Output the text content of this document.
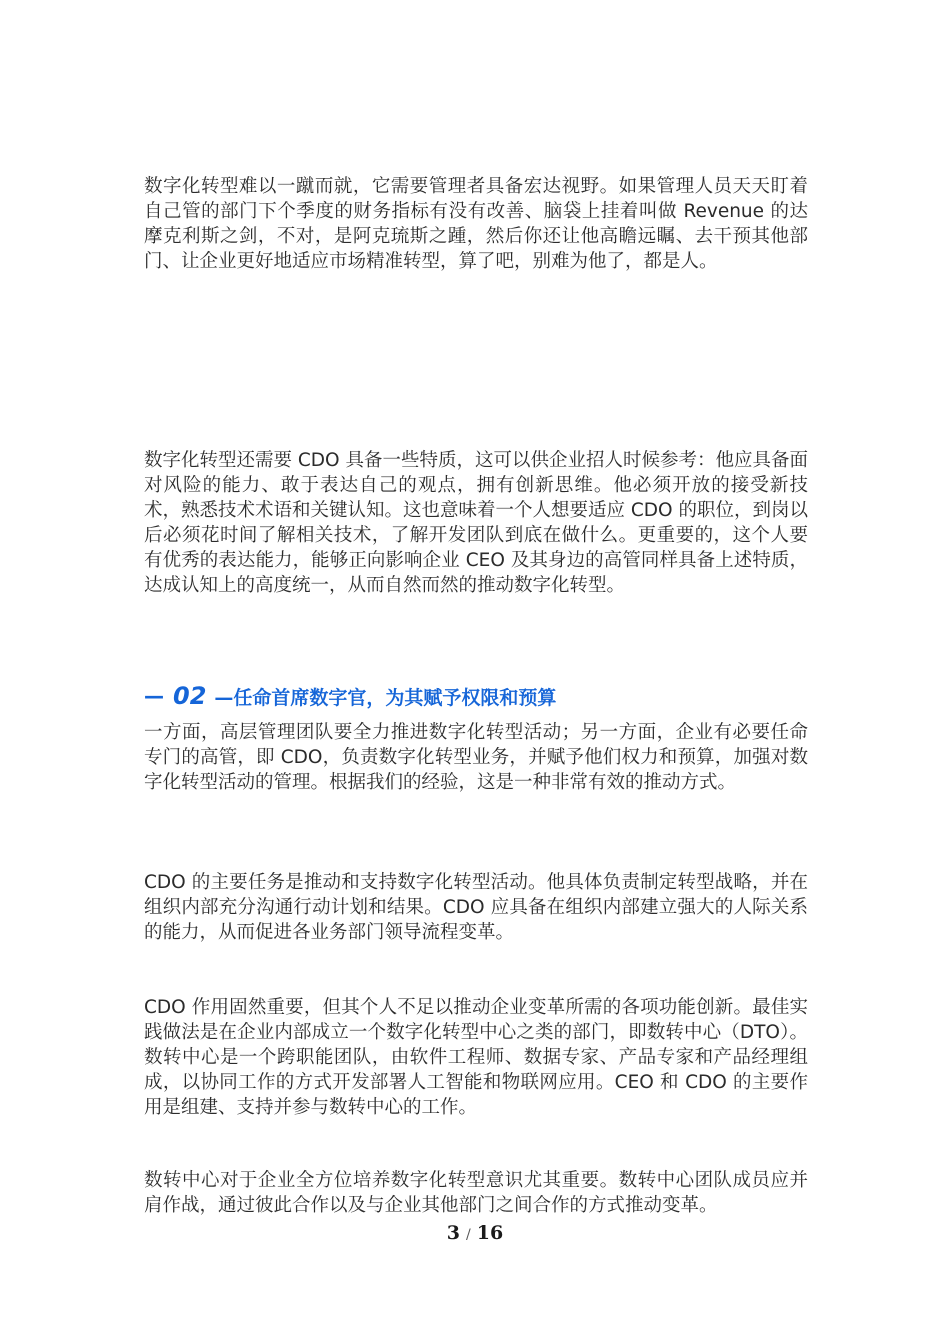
数字化转型难以一蹴而就，它需要管理者具备宏达视野。如果管理人员天天盯着自己管的部门下个季度的财务指标有没有改善、脑袋上挂着叫做 Revenue 的达摩克利斯之剑，不对，是阿克琉斯之踵，然后你还让他高瞻远瞩、去干预其他部门、让企业更好地适应市场精准转型，算了吧，别难为他了，都是人。

数字化转型还需要 CDO 具备一些特质，这可以供企业招人时候参考：他应具备面对风险的能力、敢于表达自己的观点，拥有创新思维。他必须开放的接受新技术，熟悉技术术语和关键认知。这也意味着一个人想要适应 CDO 的职位，到岗以后必须花时间了解相关技术，了解开发团队到底在做什么。更重要的，这个人要有优秀的表达能力，能够正向影响企业 CEO 及其身边的高管同样具备上述特质，达成认知上的高度统一，从而自然而然的推动数字化转型。

— 02 —任命首席数字官，为其赋予权限和预算

一方面，高层管理团队要全力推进数字化转型活动；另一方面，企业有必要任命专门的高管，即 CDO，负责数字化转型业务，并赋予他们权力和预算，加强对数字化转型活动的管理。根据我们的经验，这是一种非常有效的推动方式。

CDO 的主要任务是推动和支持数字化转型活动。他具体负责制定转型战略，并在组织内部充分沟通行动计划和结果。CDO 应具备在组织内部建立强大的人际关系的能力，从而促进各业务部门领导流程变革。

CDO 作用固然重要，但其个人不足以推动企业变革所需的各项功能创新。最佳实践做法是在企业内部成立一个数字化转型中心之类的部门，即数转中心（DTO）。数转中心是一个跨职能团队，由软件工程师、数据专家、产品专家和产品经理组成，以协同工作的方式开发部署人工智能和物联网应用。CEO 和 CDO 的主要作用是组建、支持并参与数转中心的工作。

数转中心对于企业全方位培养数字化转型意识尤其重要。数转中心团队成员应并肩作战，通过彼此合作以及与企业其他部门之间合作的方式推动变革。

3 / 16
